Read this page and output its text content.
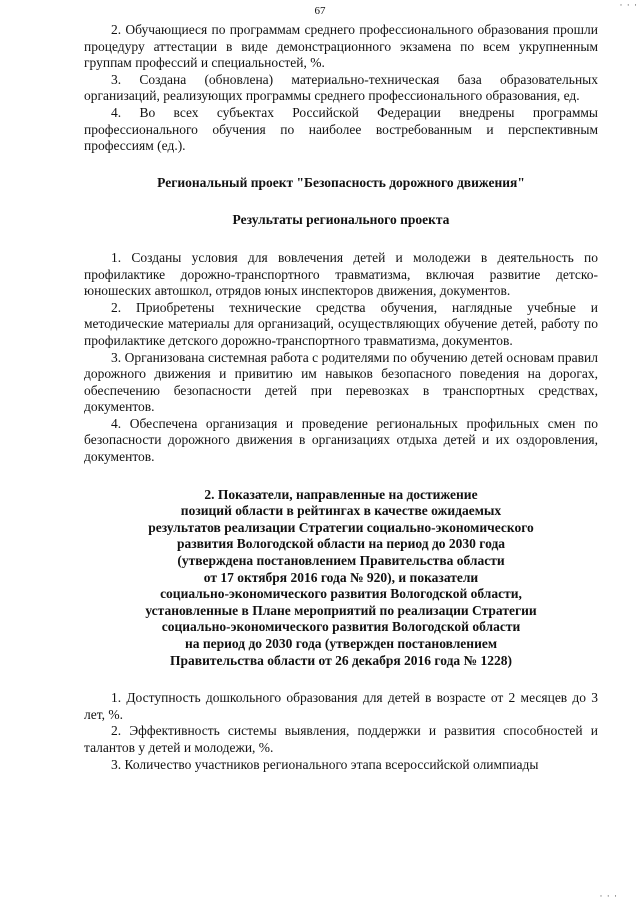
· · ·
67

2. Обучающиеся по программам среднего профессионального образования прошли процедуру аттестации в виде демонстрационного экзамена по всем укрупненным группам профессий и специальностей, %.

3. Создана (обновлена) материально-техническая база образовательных организаций, реализующих программы среднего профессионального образования, ед.

4. Во всех субъектах Российской Федерации внедрены программы профессионального обучения по наиболее востребованным и перспективным профессиям (ед.).

Региональный проект "Безопасность дорожного движения"

Результаты регионального проекта

1. Созданы условия для вовлечения детей и молодежи в деятельность по профилактике дорожно-транспортного травматизма, включая развитие детско-юношеских автошкол, отрядов юных инспекторов движения, документов.

2. Приобретены технические средства обучения, наглядные учебные и методические материалы для организаций, осуществляющих обучение детей, работу по профилактике детского дорожно-транспортного травматизма, документов.

3. Организована системная работа с родителями по обучению детей основам правил дорожного движения и привитию им навыков безопасного поведения на дорогах, обеспечению безопасности детей при перевозках в транспортных средствах, документов.

4. Обеспечена организация и проведение региональных профильных смен по безопасности дорожного движения в организациях отдыха детей и их оздоровления, документов.

2. Показатели, направленные на достижение
позиций области в рейтингах в качестве ожидаемых
результатов реализации Стратегии социально-экономического
развития Вологодской области на период до 2030 года
(утверждена постановлением Правительства области
от 17 октября 2016 года № 920), и показатели
социально-экономического развития Вологодской области,
установленные в Плане мероприятий по реализации Стратегии
социально-экономического развития Вологодской области
на период до 2030 года (утвержден постановлением
Правительства области от 26 декабря 2016 года № 1228)

1. Доступность дошкольного образования для детей в возрасте от 2 месяцев до 3 лет, %.

2. Эффективность системы выявления, поддержки и развития способностей и талантов у детей и молодежи, %.

3. Количество участников регионального этапа всероссийской олимпиады

· · ·
